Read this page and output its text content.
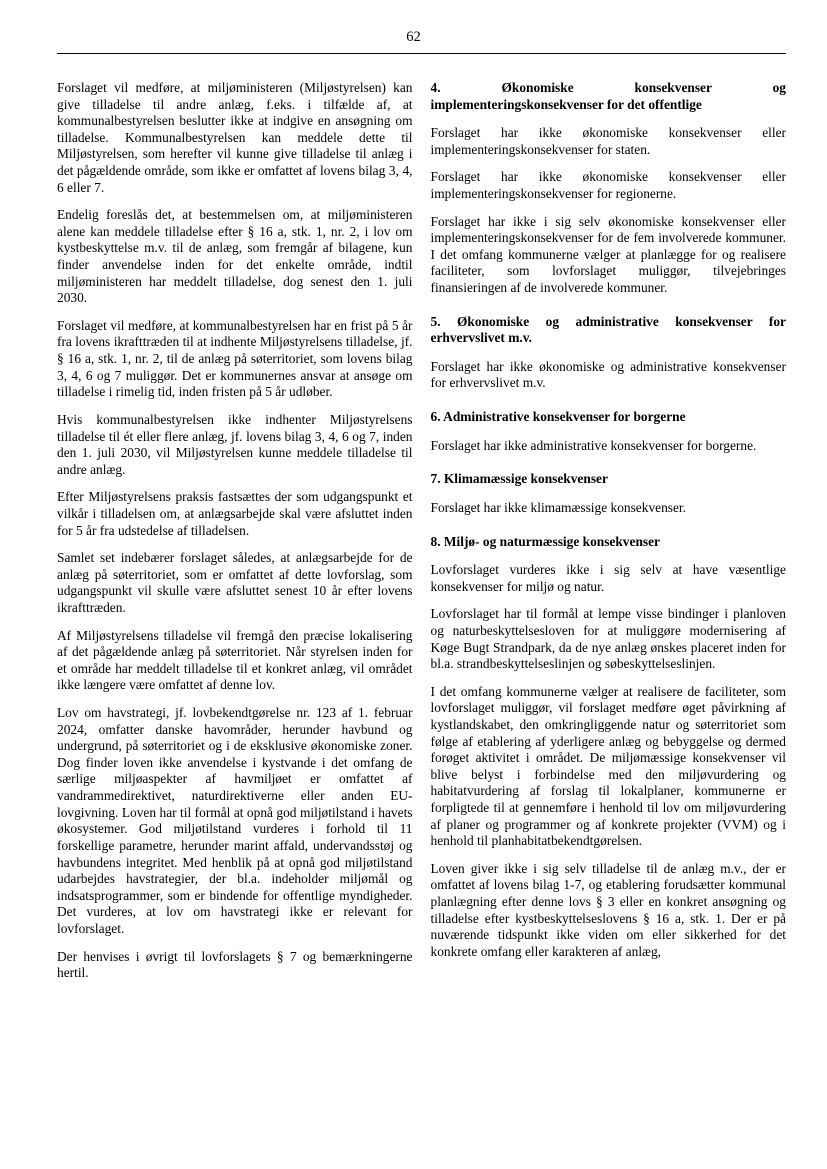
62

Forslaget vil medføre, at miljøministeren (Miljøstyrelsen) kan give tilladelse til andre anlæg, f.eks. i tilfælde af, at kommunalbestyrelsen beslutter ikke at indgive en ansøgning om tilladelse. Kommunalbestyrelsen kan meddele dette til Miljøstyrelsen, som herefter vil kunne give tilladelse til anlæg i det pågældende område, som ikke er omfattet af lovens bilag 3, 4, 6 eller 7.

Endelig foreslås det, at bestemmelsen om, at miljøministeren alene kan meddele tilladelse efter § 16 a, stk. 1, nr. 2, i lov om kystbeskyttelse m.v. til de anlæg, som fremgår af bilagene, kun finder anvendelse inden for det enkelte område, indtil miljøministeren har meddelt tilladelse, dog senest den 1. juli 2030.

Forslaget vil medføre, at kommunalbestyrelsen har en frist på 5 år fra lovens ikrafttræden til at indhente Miljøstyrelsens tilladelse, jf. § 16 a, stk. 1, nr. 2, til de anlæg på søterritoriet, som lovens bilag 3, 4, 6 og 7 muliggør. Det er kommunernes ansvar at ansøge om tilladelse i rimelig tid, inden fristen på 5 år udløber.

Hvis kommunalbestyrelsen ikke indhenter Miljøstyrelsens tilladelse til ét eller flere anlæg, jf. lovens bilag 3, 4, 6 og 7, inden den 1. juli 2030, vil Miljøstyrelsen kunne meddele tilladelse til andre anlæg.

Efter Miljøstyrelsens praksis fastsættes der som udgangspunkt et vilkår i tilladelsen om, at anlægsarbejde skal være afsluttet inden for 5 år fra udstedelse af tilladelsen.

Samlet set indebærer forslaget således, at anlægsarbejde for de anlæg på søterritoriet, som er omfattet af dette lovforslag, som udgangspunkt vil skulle være afsluttet senest 10 år efter lovens ikrafttræden.

Af Miljøstyrelsens tilladelse vil fremgå den præcise lokalisering af det pågældende anlæg på søterritoriet. Når styrelsen inden for et område har meddelt tilladelse til et konkret anlæg, vil området ikke længere være omfattet af denne lov.

Lov om havstrategi, jf. lovbekendtgørelse nr. 123 af 1. februar 2024, omfatter danske havområder, herunder havbund og undergrund, på søterritoriet og i de eksklusive økonomiske zoner. Dog finder loven ikke anvendelse i kystvande i det omfang de særlige miljøaspekter af havmiljøet er omfattet af vandrammedirektivet, naturdirektiverne eller anden EU-lovgivning. Loven har til formål at opnå god miljøtilstand i havets økosystemer. God miljøtilstand vurderes i forhold til 11 forskellige parametre, herunder marint affald, undervandsstøj og havbundens integritet. Med henblik på at opnå god miljøtilstand udarbejdes havstrategier, der bl.a. indeholder miljømål og indsatsprogrammer, som er bindende for offentlige myndigheder. Det vurderes, at lov om havstrategi ikke er relevant for lovforslaget.

Der henvises i øvrigt til lovforslagets § 7 og bemærkningerne hertil.

4. Økonomiske konsekvenser og implementeringskonsekvenser for det offentlige

Forslaget har ikke økonomiske konsekvenser eller implementeringskonsekvenser for staten.

Forslaget har ikke økonomiske konsekvenser eller implementeringskonsekvenser for regionerne.

Forslaget har ikke i sig selv økonomiske konsekvenser eller implementeringskonsekvenser for de fem involverede kommuner. I det omfang kommunerne vælger at planlægge for og realisere faciliteter, som lovforslaget muliggør, tilvejebringes finansieringen af de involverede kommuner.

5. Økonomiske og administrative konsekvenser for erhvervslivet m.v.

Forslaget har ikke økonomiske og administrative konsekvenser for erhvervslivet m.v.

6. Administrative konsekvenser for borgerne

Forslaget har ikke administrative konsekvenser for borgerne.

7. Klimamæssige konsekvenser

Forslaget har ikke klimamæssige konsekvenser.

8. Miljø- og naturmæssige konsekvenser

Lovforslaget vurderes ikke i sig selv at have væsentlige konsekvenser for miljø og natur.

Lovforslaget har til formål at lempe visse bindinger i planloven og naturbeskyttelsesloven for at muliggøre modernisering af Køge Bugt Strandpark, da de nye anlæg ønskes placeret inden for bl.a. strandbeskyttelseslinjen og søbeskyttelseslinjen.

I det omfang kommunerne vælger at realisere de faciliteter, som lovforslaget muliggør, vil forslaget medføre øget påvirkning af kystlandskabet, den omkringliggende natur og søterritoriet som følge af etablering af yderligere anlæg og bebyggelse og dermed forøget aktivitet i området. De miljømæssige konsekvenser vil blive belyst i forbindelse med den miljøvurdering og habitatvurdering af forslag til lokalplaner, kommunerne er forpligtede til at gennemføre i henhold til lov om miljøvurdering af planer og programmer og af konkrete projekter (VVM) og i henhold til planhabitatbekendtgørelsen.

Loven giver ikke i sig selv tilladelse til de anlæg m.v., der er omfattet af lovens bilag 1-7, og etablering forudsætter kommunal planlægning efter denne lovs § 3 eller en konkret ansøgning og tilladelse efter kystbeskyttelseslovens § 16 a, stk. 1. Der er på nuværende tidspunkt ikke viden om eller sikkerhed for det konkrete omfang eller karakteren af anlæg,
